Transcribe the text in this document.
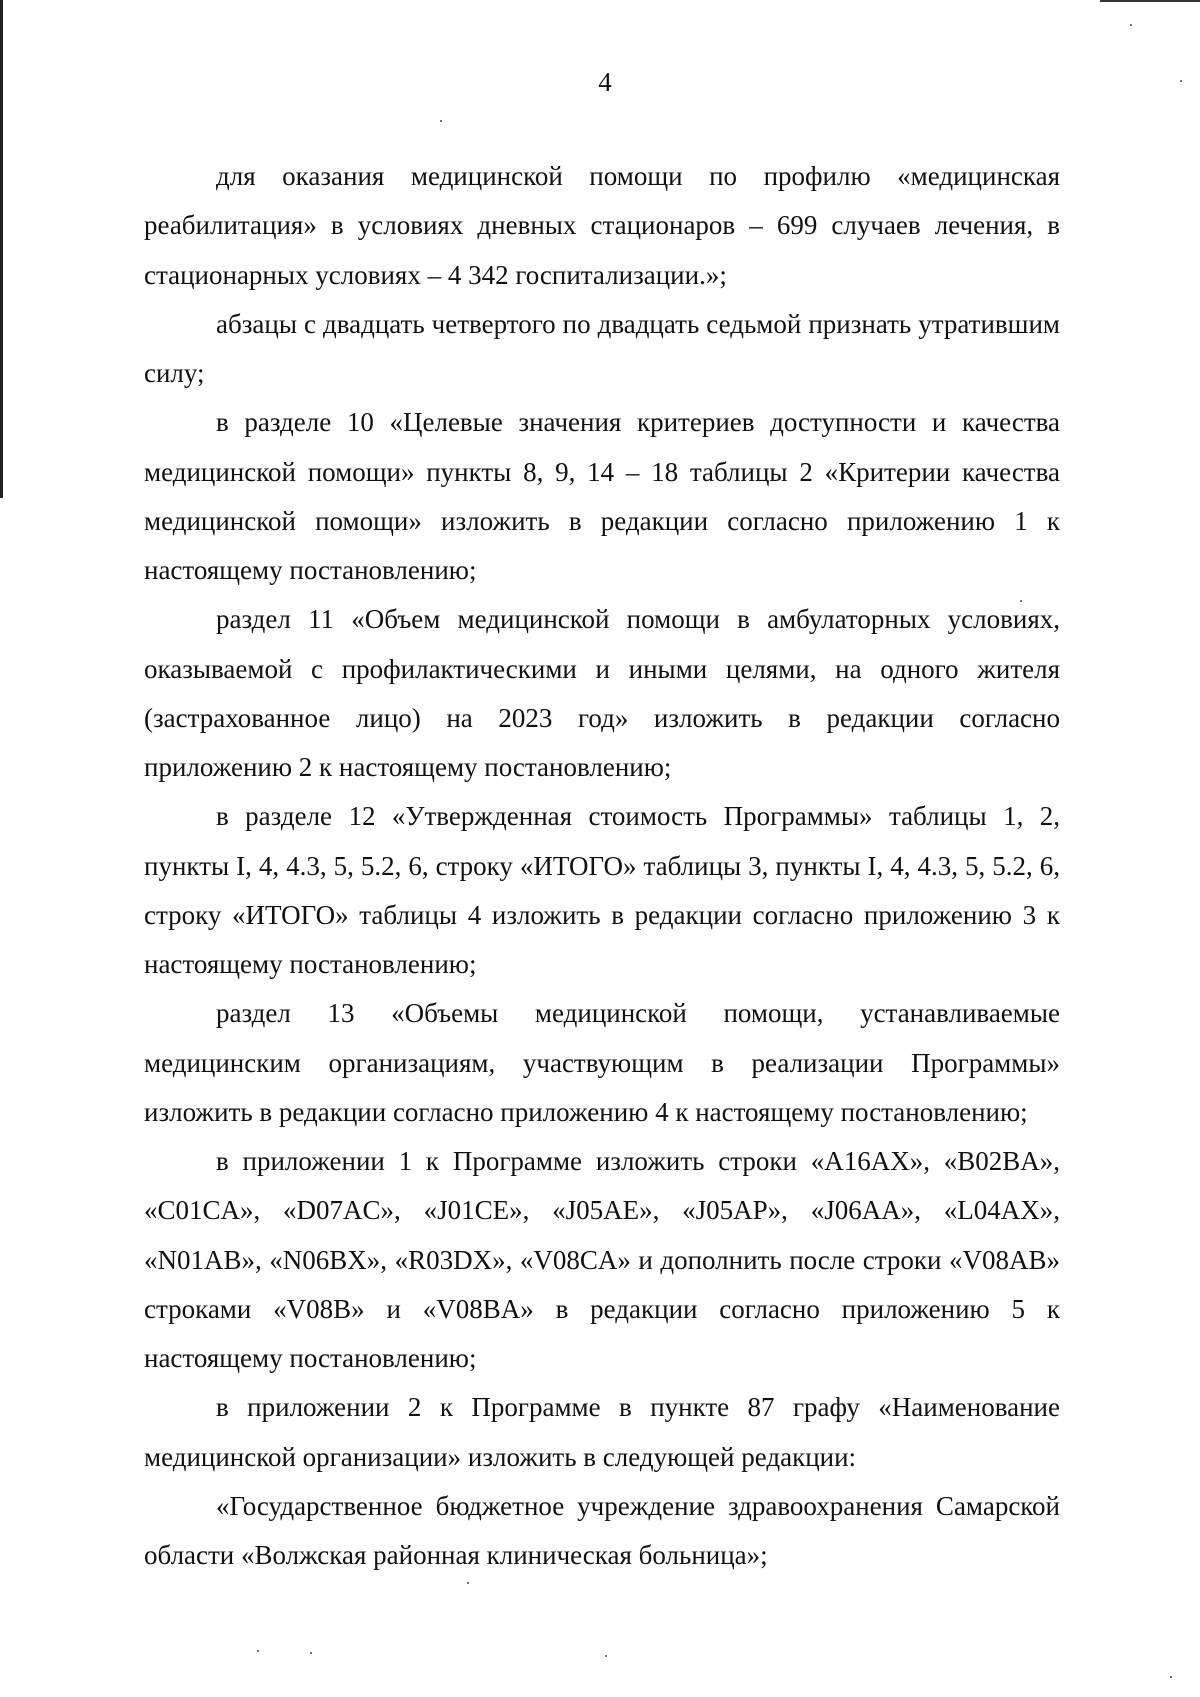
4

для оказания медицинской помощи по профилю «медицинская реабилитация» в условиях дневных стационаров – 699 случаев лечения, в стационарных условиях – 4 342 госпитализации.»;

абзацы с двадцать четвертого по двадцать седьмой признать утратившим силу;

в разделе 10 «Целевые значения критериев доступности и качества медицинской помощи» пункты 8, 9, 14 – 18 таблицы 2 «Критерии качества медицинской помощи» изложить в редакции согласно приложению 1 к настоящему постановлению;

раздел 11 «Объем медицинской помощи в амбулаторных условиях, оказываемой с профилактическими и иными целями, на одного жителя (застрахованное лицо) на 2023 год» изложить в редакции согласно приложению 2 к настоящему постановлению;

в разделе 12 «Утвержденная стоимость Программы» таблицы 1, 2, пункты I, 4, 4.3, 5, 5.2, 6, строку «ИТОГО» таблицы 3, пункты I, 4, 4.3, 5, 5.2, 6, строку «ИТОГО» таблицы 4 изложить в редакции согласно приложению 3 к настоящему постановлению;

раздел 13 «Объемы медицинской помощи, устанавливаемые медицинским организациям, участвующим в реализации Программы» изложить в редакции согласно приложению 4 к настоящему постановлению;

в приложении 1 к Программе изложить строки «A16AX», «B02BA», «C01CA», «D07AC», «J01CE», «J05AE», «J05AP», «J06AA», «L04AX», «N01AB», «N06BX», «R03DX», «V08CA» и дополнить после строки «V08AB» строками «V08B» и «V08BA» в редакции согласно приложению 5 к настоящему постановлению;

в приложении 2 к Программе в пункте 87 графу «Наименование медицинской организации» изложить в следующей редакции:

«Государственное бюджетное учреждение здравоохранения Самарской области «Волжская районная клиническая больница»;
